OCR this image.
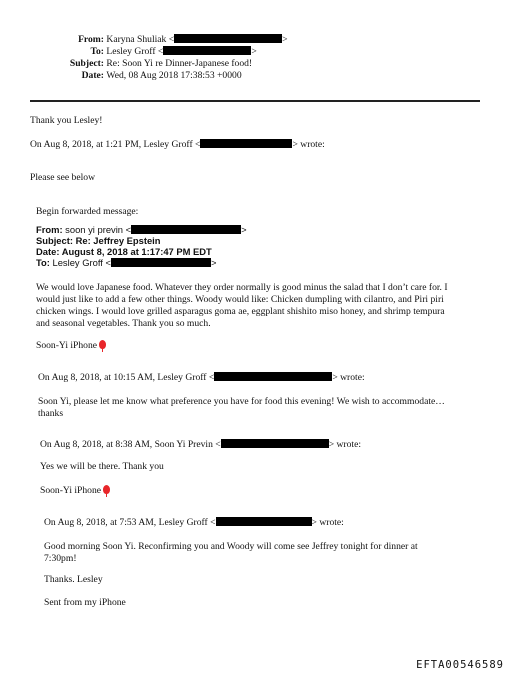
From: Karyna Shuliak <	>
To: Lesley Groff <	>
Subject: Re: Soon Yi re Dinner-Japanese food!
Date: Wed, 08 Aug 2018 17:38:53 +0000
Thank you Lesley!
On Aug 8, 2018, at 1:21 PM, Lesley Groff <	> wrote:
Please see below
Begin forwarded message:
From: soon yi previn <	>
Subject: Re: Jeffrey Epstein
Date: August 8, 2018 at 1:17:47 PM EDT
To: Lesley Groff <	>
We would love Japanese food. Whatever they order normally is good minus the salad that I don’t care for. I
would just like to add a few other things. Woody would like: Chicken dumpling with cilantro, and Piri piri
chicken wings. I would love grilled asparagus goma ae, eggplant shishito miso honey, and shrimp tempura
and seasonal vegetables. Thank you so much.
Soon-Yi iPhone
On Aug 8, 2018, at 10:15 AM, Lesley Groff <	> wrote:
Soon Yi, please let me know what preference you have for food this evening! We wish to accommodate…
thanks
On Aug 8, 2018, at 8:38 AM, Soon Yi Previn <	> wrote:
Yes we will be there. Thank you
Soon-Yi iPhone
On Aug 8, 2018, at 7:53 AM, Lesley Groff <	> wrote:
Good morning Soon Yi. Reconfirming you and Woody will come see Jeffrey tonight for dinner at
7:30pm!
Thanks. Lesley
Sent from my iPhone
EFTA00546589
